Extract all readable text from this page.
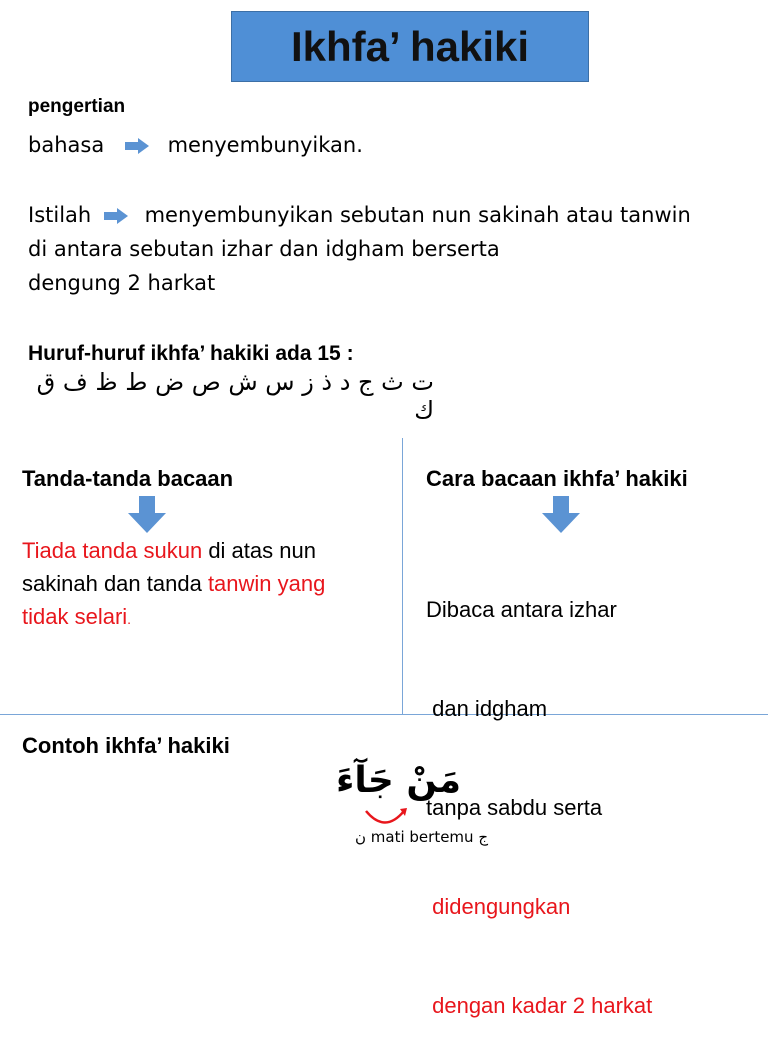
Ikhfa’ hakiki
pengertian
bahasa	menyembunyikan.
Istilah	menyembunyikan sebutan nun sakinah atau tanwin
di antara sebutan izhar dan idgham berserta
dengung 2 harkat
Huruf-huruf ikhfa’ hakiki ada 15 :
ت ث ج د ذ ز س ش ص ض ط ظ ف ق ك
Tanda-tanda bacaan
Tiada tanda sukun di atas nun
sakinah dan tanda tanwin yang
tidak selari.
Cara bacaan ikhfa’ hakiki

Dibaca antara izhar

dan idgham

tanpa sabdu serta

didengungkan

dengan kadar 2 harkat

Contoh ikhfa’ hakiki
مَنْ جَآءَ
ن mati bertemu ج
